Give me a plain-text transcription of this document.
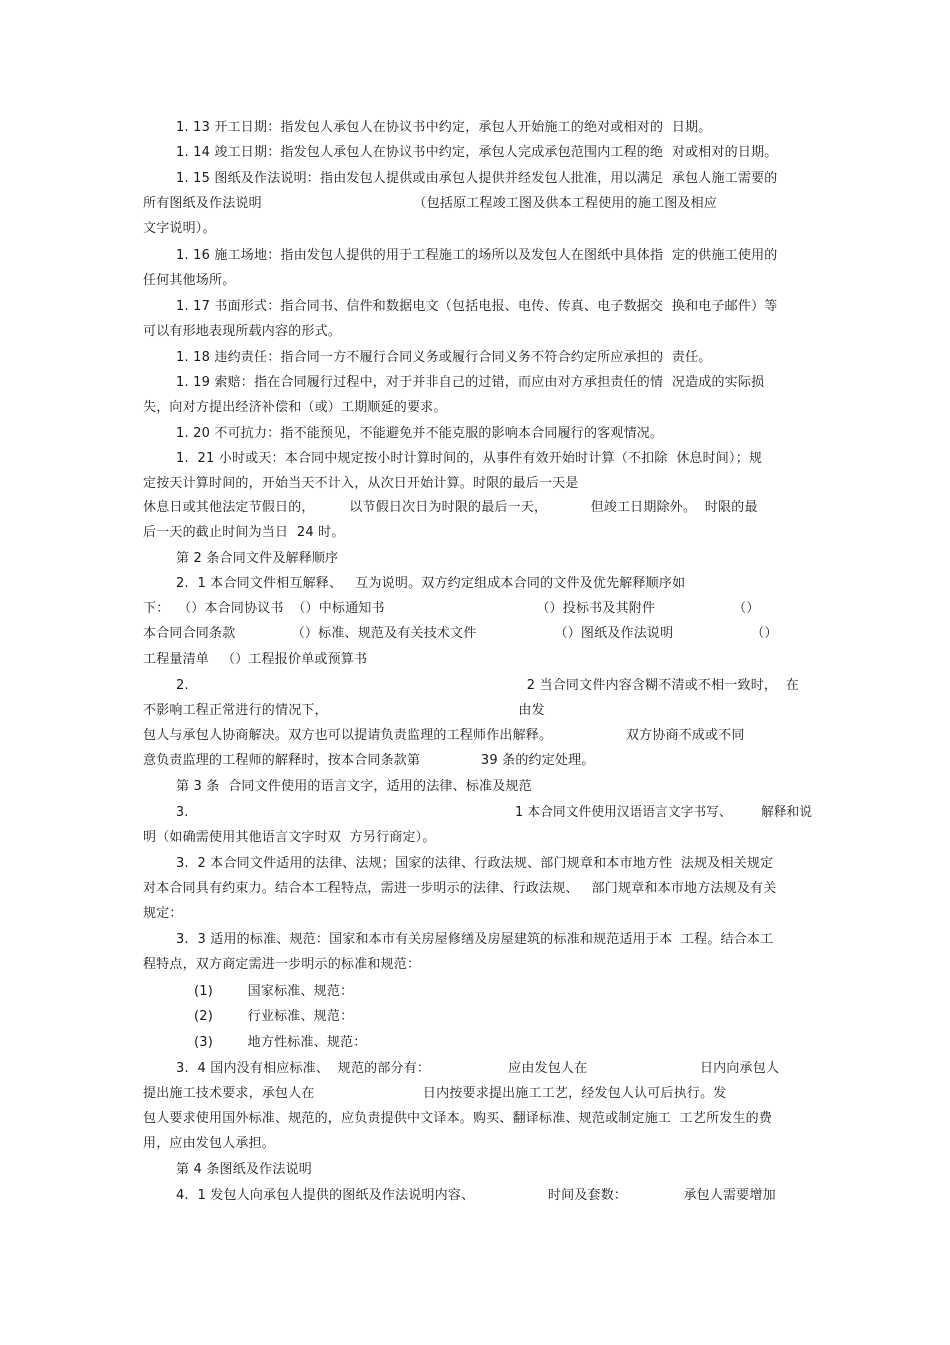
1. 13 开工日期：指发包人承包人在协议书中约定，承包人开始施工的绝对或相对的  日期。
1. 14 竣工日期：指发包人承包人在协议书中约定，承包人完成承包范围内工程的绝  对或相对的日期。
1. 15 图纸及作法说明：指由发包人提供或由承包人提供并经发包人批准，用以满足  承包人施工需要的
所有图纸及作法说明                                   （包括原工程竣工图及供本工程使用的施工图及相应
文字说明）。
1. 16 施工场地：指由发包人提供的用于工程施工的场所以及发包人在图纸中具体指  定的供施工使用的
任何其他场所。
1. 17 书面形式：指合同书、信件和数据电文（包括电报、电传、传真、电子数据交  换和电子邮件）等
可以有形地表现所载内容的形式。
1. 18 违约责任：指合同一方不履行合同义务或履行合同义务不符合约定所应承担的  责任。
1. 19 索赔：指在合同履行过程中，对于并非自己的过错，而应由对方承担责任的情  况造成的实际损
失，向对方提出经济补偿和（或）工期顺延的要求。
1. 20 不可抗力：指不能预见，不能避免并不能克服的影响本合同履行的客观情况。
1.  21 小时或天：本合同中规定按小时计算时间的，从事件有效开始时计算（不扣除  休息时间）；规
定按天计算时间的，开始当天不计入，从次日开始计算。时限的最后一天是
休息日或其他法定节假日的，        以节假日次日为时限的最后一天，          但竣工日期除外。  时限的最
后一天的截止时间为当日  24 时。
第 2 条合同文件及解释顺序
2.  1 本合同文件相互解释、   互为说明。双方约定组成本合同的文件及优先解释顺序如
下：  （）本合同协议书  （）中标通知书                                   （）投标书及其附件                  （）
本合同合同条款             （）标准、规范及有关技术文件                  （）图纸及作法说明                  （）
工程量清单   （）工程报价单或预算书
2.                                                                              2 当合同文件内容含糊不清或不相一致时，  在
不影响工程正常进行的情况下，                                            由发
包人与承包人协商解决。双方也可以提请负责监理的工程师作出解释。                 双方协商不成或不同
意负责监理的工程师的解释时，按本合同条款第              39 条的约定处理。
第 3 条  合同文件使用的语言文字，适用的法律、标准及规范
3.                                                                              1 本合同文件使用汉语语言文字书写、       解释和说
明（如确需使用其他语言文字时双  方另行商定）。
3.  2 本合同文件适用的法律、法规；国家的法律、行政法规、部门规章和本市地方性  法规及相关规定
对本合同具有约束力。结合本工程特点，需进一步明示的法律、行政法规、   部门规章和本市地方法规及有关
规定：
3.  3 适用的标准、规范：国家和本市有关房屋修缮及房屋建筑的标准和规范适用于本  工程。结合本工
程特点，双方商定需进一步明示的标准和规范：
(1)        国家标准、规范：
(2)        行业标准、规范：
(3)        地方性标准、规范：
3.  4 国内没有相应标准、  规范的部分有：                  应由发包人在                          日内向承包人
提出施工技术要求，承包人在                         日内按要求提出施工工艺，经发包人认可后执行。发
包人要求使用国外标准、规范的，应负责提供中文译本。购买、翻译标准、规范或制定施工  工艺所发生的费
用，应由发包人承担。
第 4 条图纸及作法说明
4.  1 发包人向承包人提供的图纸及作法说明内容、                 时间及套数：             承包人需要增加
